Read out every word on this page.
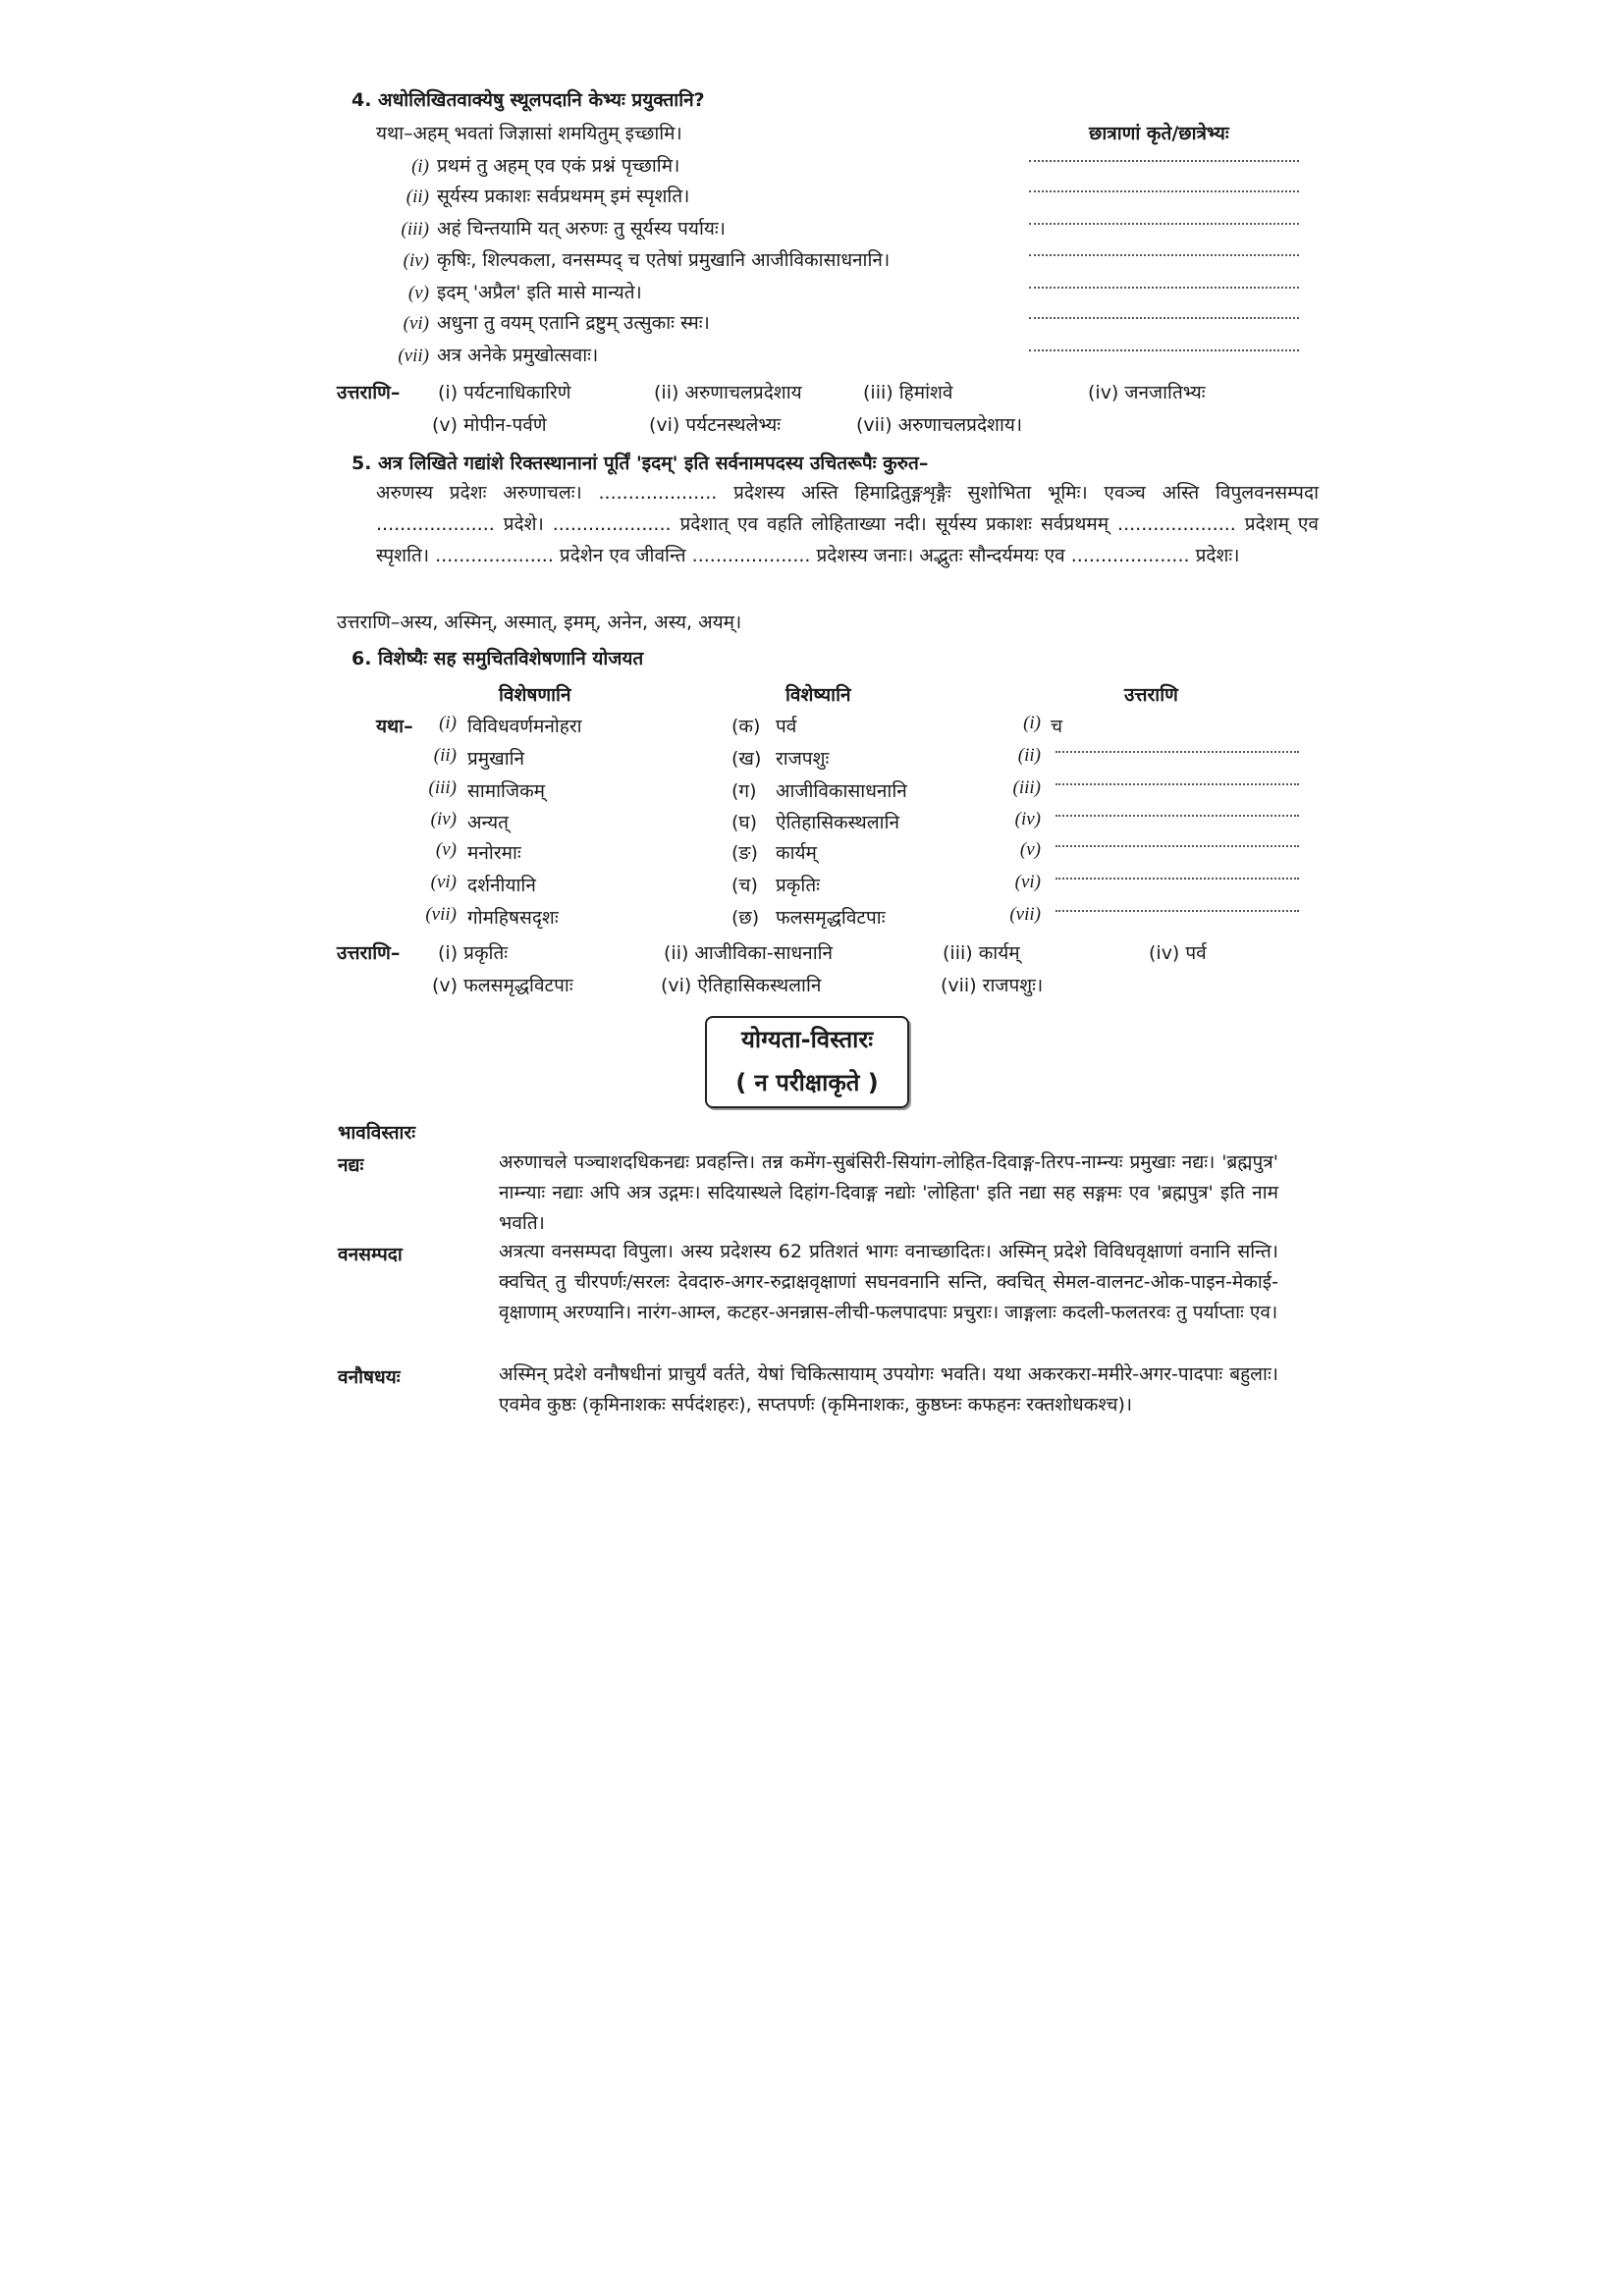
4. अधोलिखितवाक्येषु स्थूलपदानि केभ्यः प्रयुक्तानि?
यथा–अहम् भवतां जिज्ञासां शमयितुम् इच्छामि।	छात्राणां कृते/छात्रेभ्यः
(i) प्रथमं तु अहम् एव एकं प्रश्नं पृच्छामि।
(ii) सूर्यस्य प्रकाशः सर्वप्रथमम् इमं स्पृशति।
(iii) अहं चिन्तयामि यत् अरुणः तु सूर्यस्य पर्यायः।
(iv) कृषिः, शिल्पकला, वनसम्पद् च एतेषां प्रमुखानि आजीविकासाधनानि।
(v) इदम् 'अप्रैल' इति मासे मान्यते।
(vi) अधुना तु वयम् एतानि द्रष्टुम् उत्सुकाः स्मः।
(vii) अत्र अनेके प्रमुखोत्सवाः।
उत्तराणि– (i) पर्यटनाधिकारिणे	(ii) अरुणाचलप्रदेशाय	(iii) हिमांशवे	(iv) जनजातिभ्यः
(v) मोपीन-पर्वणे	(vi) पर्यटनस्थलेभ्यः	(vii) अरुणाचलप्रदेशाय।
5. अत्र लिखिते गद्यांशे रिक्तस्थानानां पूर्तिं 'इदम्' इति सर्वनामपदस्य उचितरूपैः कुरुत–
अरुणस्य प्रदेशः अरुणाचलः। .................... प्रदेशस्य अस्ति हिमाद्रितुङ्गशृङ्गैः सुशोभिता भूमिः। एवञ्च अस्ति विपुलवनसम्पदा .................... प्रदेशे। .................... प्रदेशात् एव वहति लोहिताख्या नदी। सूर्यस्य प्रकाशः सर्वप्रथमम् .................... प्रदेशम् एव स्पृशति। .................... प्रदेशेन एव जीवन्ति .................... प्रदेशस्य जनाः। अद्भुतः सौन्दर्यमयः एव .................... प्रदेशः।
उत्तराणि–अस्य, अस्मिन्, अस्मात्, इमम्, अनेन, अस्य, अयम्।
6. विशेष्यैः सह समुचितविशेषणानि योजयत
विशेषणानि	विशेष्यानि	उत्तराणि
यथा–	(i) विविधवर्णमनोहरा	(क) पर्व	(i) च
(ii) प्रमुखानि	(ख) राजपशुः	(ii)
(iii) सामाजिकम्	(ग) आजीविकासाधनानि	(iii)
(iv) अन्यत्	(घ) ऐतिहासिकस्थलानि	(iv)
(v) मनोरमाः	(ङ) कार्यम्	(v)
(vi) दर्शनीयानि	(च) प्रकृतिः	(vi)
(vii) गोमहिषसदृशः	(छ) फलसमृद्धविटपाः	(vii)
उत्तराणि– (i) प्रकृतिः	(ii) आजीविका-साधनानि	(iii) कार्यम्	(iv) पर्व
(v) फलसमृद्धविटपाः	(vi) ऐतिहासिकस्थलानि	(vii) राजपशुः।
योग्यता-विस्तारः
( न परीक्षाकृते )
भावविस्तारः
नद्यः	अरुणाचले पञ्चाशदधिकनद्यः प्रवहन्ति। तन्न कमेंग-सुबंसिरी-सियांग-लोहित-दिवाङ्ग-तिरप-नाम्न्यः प्रमुखाः नद्यः। 'ब्रह्मपुत्र' नाम्न्याः नद्याः अपि अत्र उद्गमः। सदियास्थले दिहांग-दिवाङ्ग नद्योः 'लोहिता' इति नद्या सह सङ्गमः एव 'ब्रह्मपुत्र' इति नाम भवति।
वनसम्पदा	अत्रत्या वनसम्पदा विपुला। अस्य प्रदेशस्य 62 प्रतिशतं भागः वनाच्छादितः। अस्मिन् प्रदेशे विविधवृक्षाणां वनानि सन्ति। क्वचित् तु चीरपर्णः/सरलः देवदारु-अगर-रुद्राक्षवृक्षाणां सघनवनानि सन्ति, क्वचित् सेमल-वालनट-ओक-पाइन-मेकाई-वृक्षाणाम् अरण्यानि। नारंग-आम्ल, कटहर-अनन्नास-लीची-फलपादपाः प्रचुराः। जाङ्गलाः कदली-फलतरवः तु पर्याप्ताः एव।
वनौषधयः	अस्मिन् प्रदेशे वनौषधीनां प्राचुर्यं वर्तते, येषां चिकित्सायाम् उपयोगः भवति। यथा अकरकरा-ममीरे-अगर-पादपाः बहुलाः। एवमेव कुष्ठः (कृमिनाशकः सर्पदंशहरः), सप्तपर्णः (कृमिनाशकः, कुष्ठघ्नः कफहनः रक्तशोधकश्च)।
